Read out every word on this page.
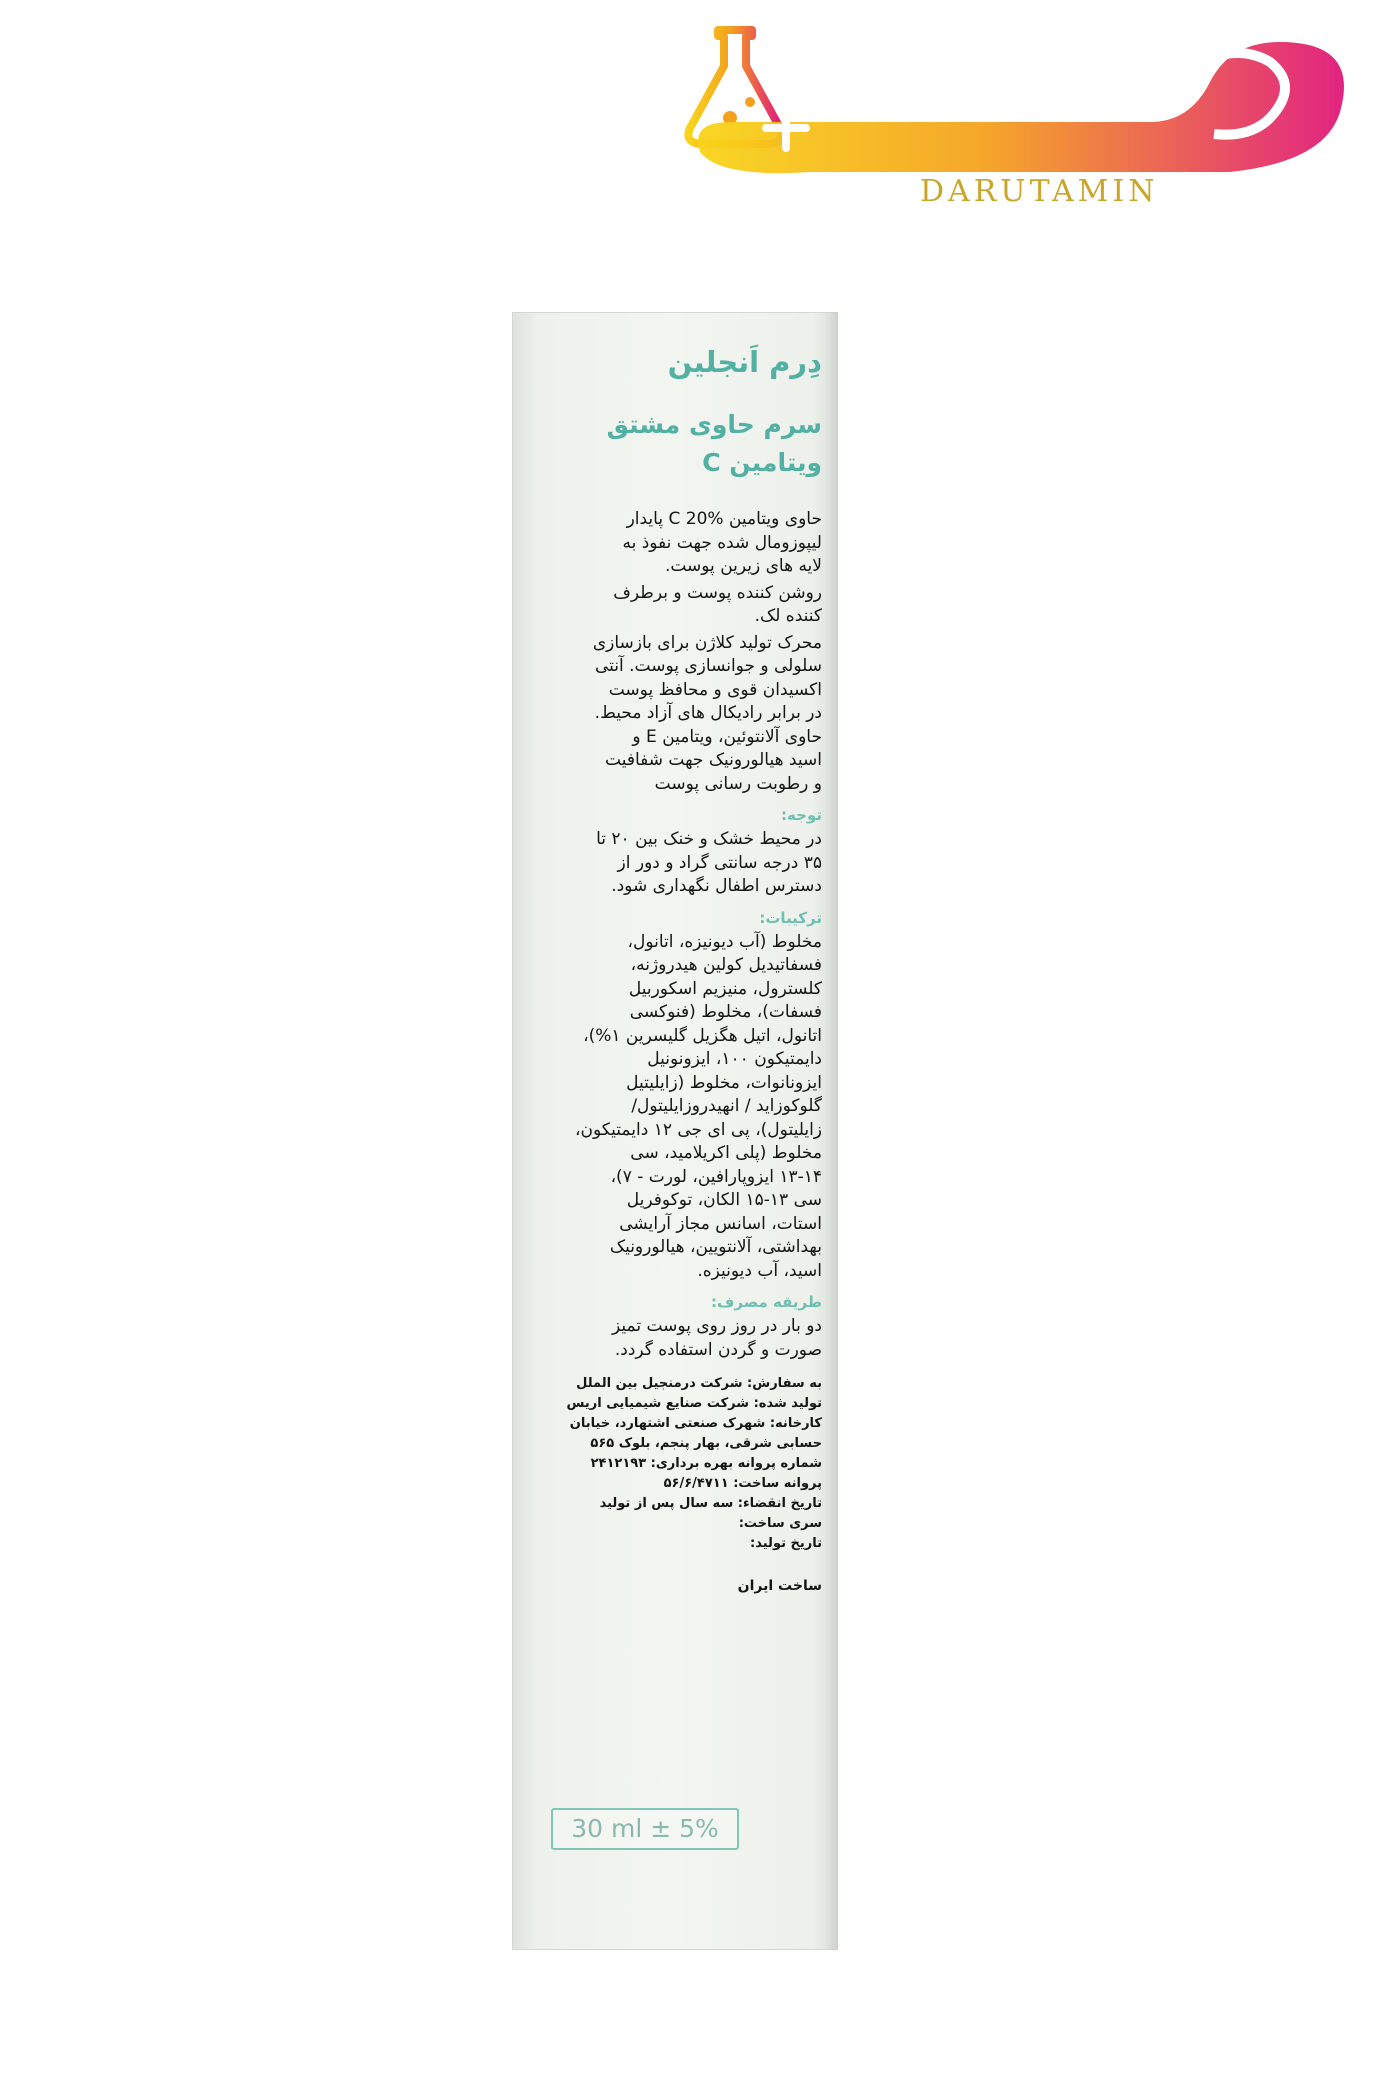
DARUTAMIN
دِرم اَنجلین
سرم حاوی مشتق
ویتامین C
حاوی ویتامین C 20% پایدار
لیپوزومال شده جهت نفوذ به
لایه های زیرین پوست.
روشن کننده پوست و برطرف
کننده لک.
محرک تولید کلاژن برای بازسازی
سلولی و جوانسازی پوست. آنتی
اکسیدان قوی و محافظ پوست
در برابر رادیکال های آزاد محیط.
حاوی آلانتوئین، ویتامین E و
اسید هیالورونیک جهت شفافیت
و رطوبت رسانی پوست
توجه:
در محیط خشک و خنک بین ۲۰ تا
۳۵ درجه سانتی گراد و دور از
دسترس اطفال نگهداری شود.
ترکیبات:
مخلوط (آب دیونیزه، اتانول،
فسفاتیدیل کولین هیدروژنه،
کلسترول، منیزیم اسکوربیل
فسفات)، مخلوط (فنوکسی
اتانول، اتیل هگزیل گلیسرین ۱%)،
دایمتیکون ۱۰۰، ایزونونیل
ایزونانوات، مخلوط (زایلیتیل
گلوکوزاید / انهیدروزایلیتول/
زایلیتول)، پی ای جی ۱۲ دایمتیکون،
مخلوط (پلی اکریلامید، سی
۱۳-۱۴ ایزوپارافین، لورت - ۷)،
سی ۱۳-۱۵ الکان، توکوفریل
استات، اسانس مجاز آرایشی
بهداشتی، آلانتویین، هیالورونیک
اسید، آب دیونیزه.
طریقه مصرف:
دو بار در روز روی پوست تمیز
صورت و گردن استفاده گردد.
به سفارش: شرکت درمنجیل بین الملل
تولید شده: شرکت صنایع شیمیایی اریس
کارخانه: شهرک صنعتی اشتهارد، خیابان
حسابی شرقی، بهار پنجم، بلوک ۵۶۵
شماره پروانه بهره برداری: ۲۴۱۲۱۹۳
پروانه ساخت: ۵۶/۶/۴۷۱۱
تاریخ انقضاء: سه سال پس از تولید
سری ساخت:
تاریخ تولید:
ساخت ایران
30 ml ± 5%
